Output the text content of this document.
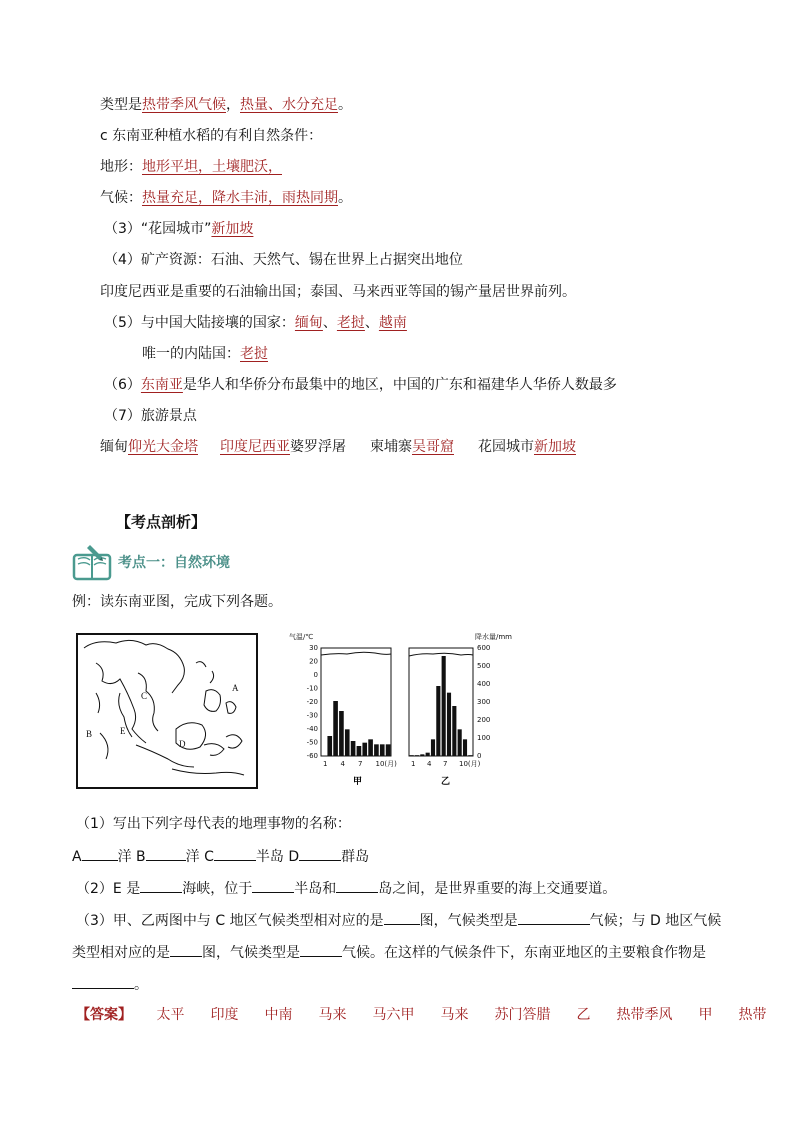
类型是热带季风气候，热量、水分充足。
c 东南亚种植水稻的有利自然条件：
地形：地形平坦，土壤肥沃，
气候：热量充足，降水丰沛，雨热同期。
（3）“花园城市”新加坡
（4）矿产资源：石油、天然气、锡在世界上占据突出地位
印度尼西亚是重要的石油输出国；泰国、马来西亚等国的锡产量居世界前列。
（5）与中国大陆接壤的国家：缅甸、老挝、越南
唯一的内陆国：老挝
（6）东南亚是华人和华侨分布最集中的地区，中国的广东和福建华人华侨人数最多
（7）旅游景点
缅甸仰光大金塔 印度尼西亚婆罗浮屠 柬埔寨吴哥窟 花园城市新加坡
【考点剖析】
考点一：自然环境
例：读东南亚图，完成下列各题。
A
B
C
D
E
气温/℃	降水量/mm
30
20
0
-10
-20
-30
-40
-50
-60
600
500
400
300
200
100
0
1 4 7 10(月) 1 4 7 10(月)
甲	乙
（1）写出下列字母代表的地理事物的名称：
A	洋 B	洋 C	半岛 D	群岛
（2）E 是	海峡，位于	半岛和	岛之间，是世界重要的海上交通要道。
（3）甲、乙两图中与 C 地区气候类型相对应的是	图，气候类型是	气候；与 D 地区气候
类型相对应的是 图，气候类型是	气候。在这样的气候条件下，东南亚地区的主要粮食作物是
。
【答案】 太平 印度 中南 马来 马六甲 马来 苏门答腊 乙 热带季风 甲 热带
